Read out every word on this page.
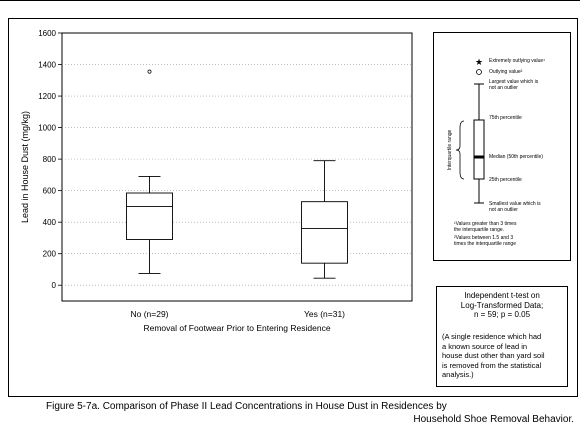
0
200
400
600
800
1000
1200
1400
1600
No (n=29)	Yes (n=31)
Lead in House Dust (mg/kg)
Removal of Footwear Prior to Entering Residence
★
Interquartile range
Extremely outlying value¹
Outlying value²
Largest value which is
not an outlier
75th percentile
Median (50th percentile)
25th percentile
Smallest value which is
not an outlier
¹Values greater than 3 times
the interquartile range.
²Values between 1.5 and 3
times the interquartile range
Independent t-test on
Log-Transformed Data;
n = 59; p = 0.05
(A single residence which had
a known source of lead in
house dust other than yard soil
is removed from the statistical
analysis.)
Figure 5-7a. Comparison of Phase II Lead Concentrations in House Dust in Residences by
Household Shoe Removal Behavior.
